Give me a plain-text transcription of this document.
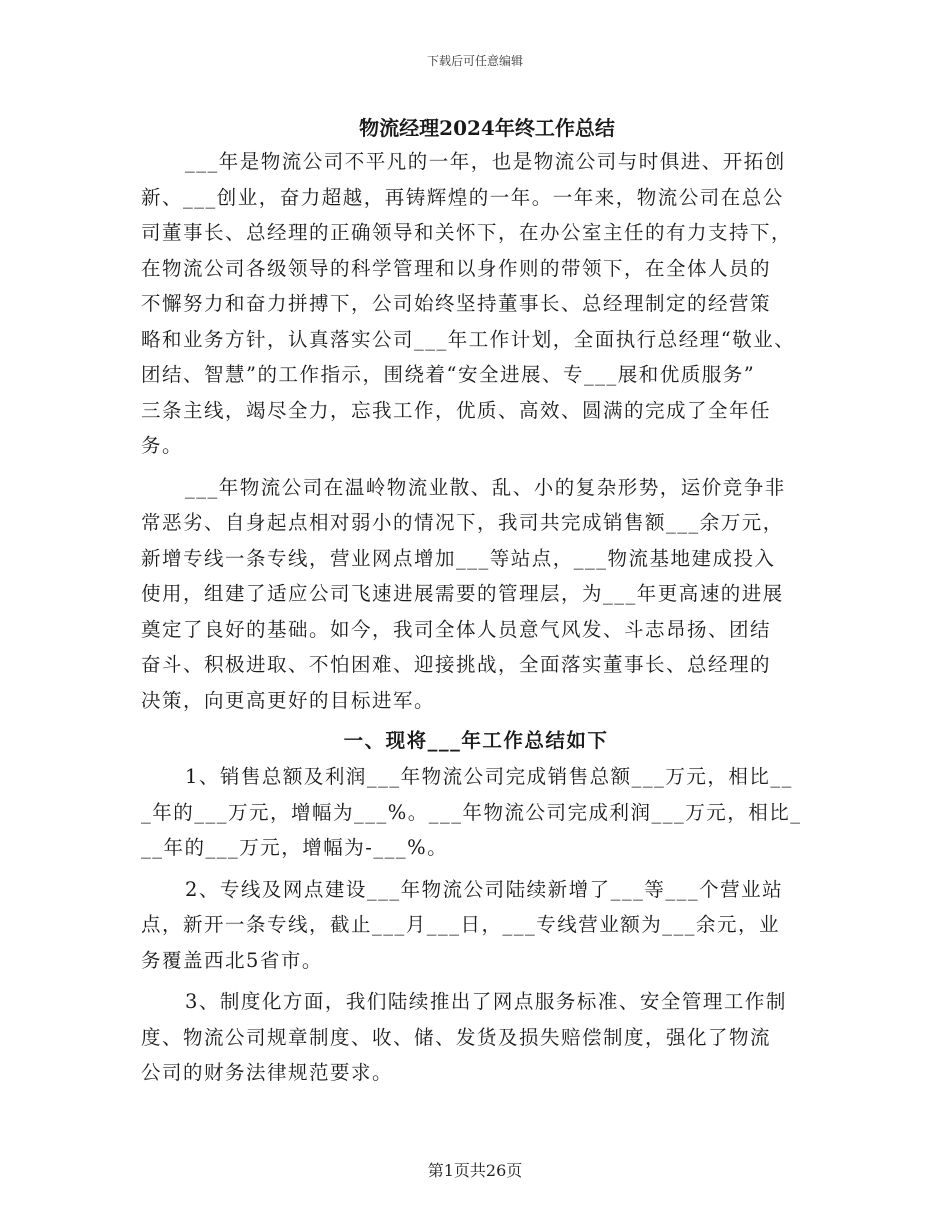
下载后可任意编辑
物流经理2024年终工作总结

___年是物流公司不平凡的一年，也是物流公司与时俱进、开拓创
新、___创业，奋力超越，再铸辉煌的一年。一年来，物流公司在总公
司董事长、总经理的正确领导和关怀下，在办公室主任的有力支持下，
在物流公司各级领导的科学管理和以身作则的带领下，在全体人员的
不懈努力和奋力拼搏下，公司始终坚持董事长、总经理制定的经营策
略和业务方针，认真落实公司___年工作计划，全面执行总经理“敬业、
团结、智慧”的工作指示，围绕着“安全进展、专___展和优质服务”
三条主线，竭尽全力，忘我工作，优质、高效、圆满的完成了全年任
务。

___年物流公司在温岭物流业散、乱、小的复杂形势，运价竞争非
常恶劣、自身起点相对弱小的情况下，我司共完成销售额___余万元，
新增专线一条专线，营业网点增加___等站点，___物流基地建成投入
使用，组建了适应公司飞速进展需要的管理层，为___年更高速的进展
奠定了良好的基础。如今，我司全体人员意气风发、斗志昂扬、团结
奋斗、积极进取、不怕困难、迎接挑战，全面落实董事长、总经理的
决策，向更高更好的目标进军。

一、现将___年工作总结如下

1、销售总额及利润___年物流公司完成销售总额___万元，相比__
_年的___万元，增幅为___%。___年物流公司完成利润___万元，相比_
__年的___万元，增幅为-___%。

2、专线及网点建设___年物流公司陆续新增了___等___个营业站
点，新开一条专线，截止___月___日，___专线营业额为___余元，业
务覆盖西北5省市。

3、制度化方面，我们陆续推出了网点服务标准、安全管理工作制
度、物流公司规章制度、收、储、发货及损失赔偿制度，强化了物流
公司的财务法律规范要求。

第1页共26页
